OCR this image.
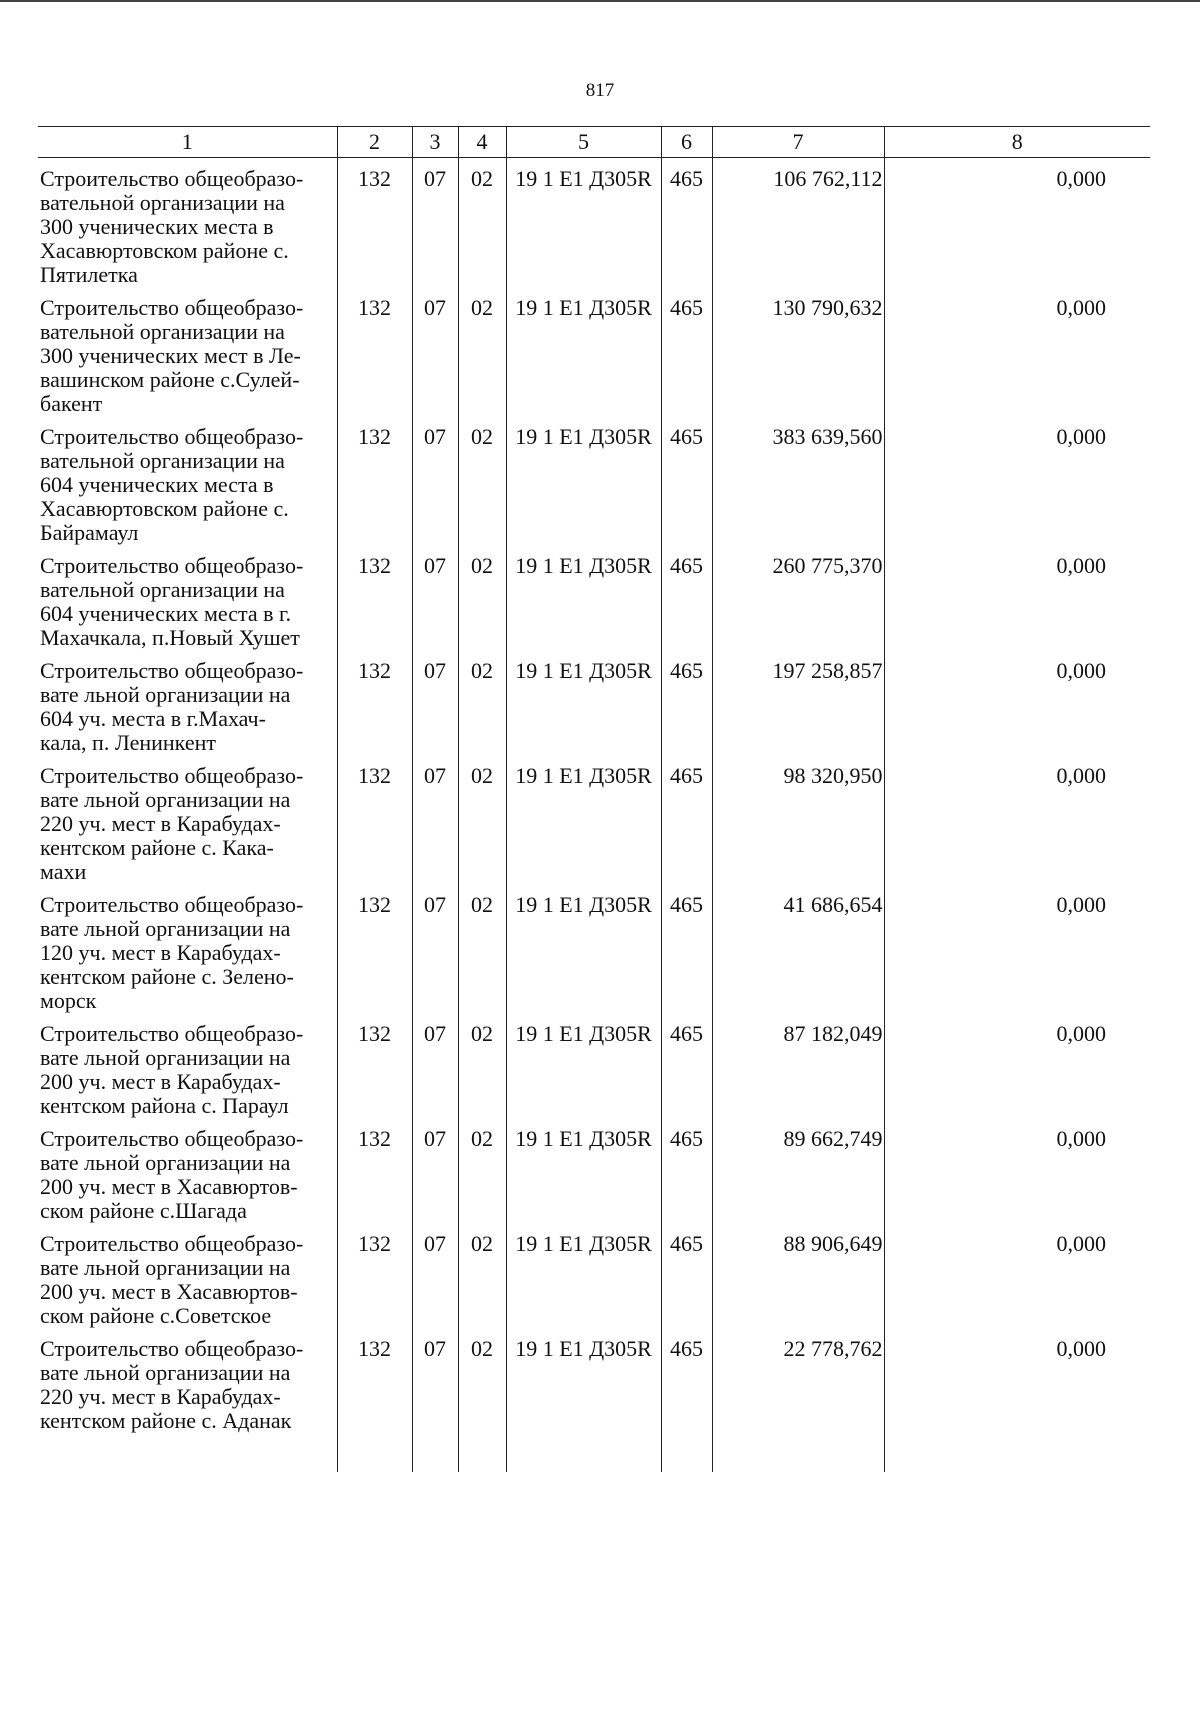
817
1	2	3	4	5	6	7	8
Строительство общеобразо-
вательной организации на
300 ученических места в
Хасавюртовском районе с.
Пятилетка	132	07	02	19 1 E1 Д305R	465	106 762,112	0,000
Строительство общеобразо-
вательной организации на
300 ученических мест в Ле-
вашинском районе с.Сулей-
бакент	132	07	02	19 1 E1 Д305R	465	130 790,632	0,000
Строительство общеобразо-
вательной организации на
604 ученических места в
Хасавюртовском районе с.
Байрамаул	132	07	02	19 1 E1 Д305R	465	383 639,560	0,000
Строительство общеобразо-
вательной организации на
604 ученических места в г.
Махачкала, п.Новый Хушет	132	07	02	19 1 E1 Д305R	465	260 775,370	0,000
Строительство общеобразо-
вате льной организации на
604 уч. места в г.Махач-
кала, п. Ленинкент	132	07	02	19 1 E1 Д305R	465	197 258,857	0,000
Строительство общеобразо-
вате льной организации на
220 уч. мест в Карабудах-
кентском районе с. Кака-
махи	132	07	02	19 1 E1 Д305R	465	98 320,950	0,000
Строительство общеобразо-
вате льной организации на
120 уч. мест в Карабудах-
кентском районе с. Зелено-
морск	132	07	02	19 1 E1 Д305R	465	41 686,654	0,000
Строительство общеобразо-
вате льной организации на
200 уч. мест в Карабудах-
кентском района с. Параул	132	07	02	19 1 E1 Д305R	465	87 182,049	0,000
Строительство общеобразо-
вате льной организации на
200 уч. мест в Хасавюртов-
ском районе с.Шагада	132	07	02	19 1 E1 Д305R	465	89 662,749	0,000
Строительство общеобразо-
вате льной организации на
200 уч. мест в Хасавюртов-
ском районе с.Советское	132	07	02	19 1 E1 Д305R	465	88 906,649	0,000
Строительство общеобразо-
вате льной организации на
220 уч. мест в Карабудах-
кентском районе с. Аданак	132	07	02	19 1 E1 Д305R	465	22 778,762	0,000
